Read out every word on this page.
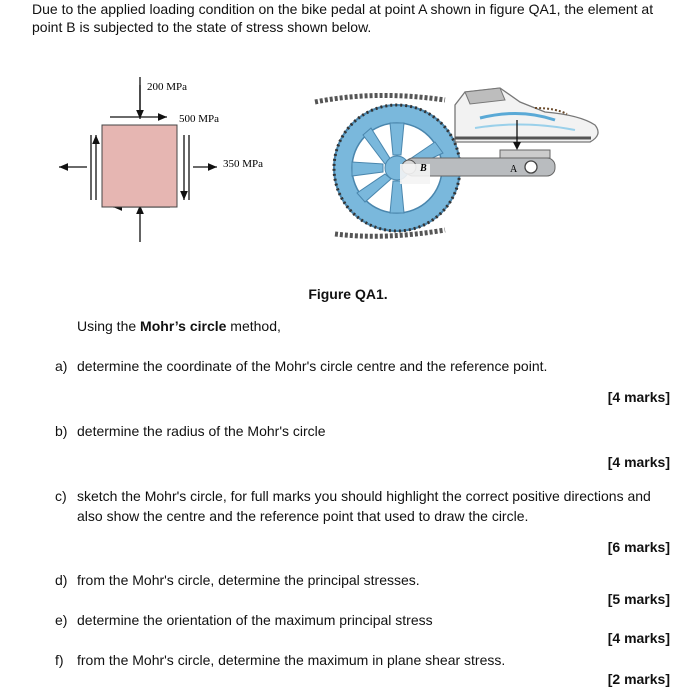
Due to the applied loading condition on the bike pedal at point A shown in figure QA1, the element at point B is subjected to the state of stress shown below.
200 MPa
500 MPa
350 MPa	B	A
Figure QA1.
Using the Mohr’s circle method,
a) determine the coordinate of the Mohr's circle centre and the reference point.
[4 marks]
b) determine the radius of the Mohr's circle
[4 marks]
c) sketch the Mohr's circle, for full marks you should highlight the correct positive directions and also show the centre and the reference point that used to draw the circle.
[6 marks]
d) from the Mohr's circle, determine the principal stresses.
[5 marks]
e) determine the orientation of the maximum principal stress
[4 marks]
f) from the Mohr's circle, determine the maximum in plane shear stress.
[2 marks]
